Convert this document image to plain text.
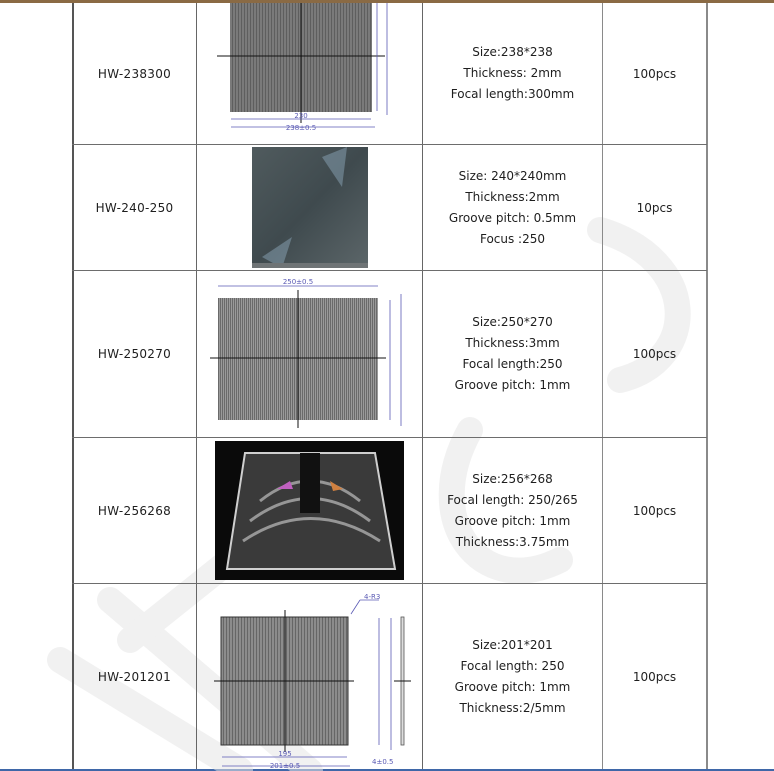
HW-238300
230
238±0.5
Size:238*238
Thickness: 2mm
Focal length:300mm
100pcs
HW-240-250
Size: 240*240mm
Thickness:2mm
Groove pitch: 0.5mm
Focus :250
10pcs
HW-250270
250±0.5
Size:250*270
Thickness:3mm
Focal length:250
Groove pitch: 1mm
100pcs
HW-256268
Size:256*268
Focal length: 250/265
Groove pitch: 1mm
Thickness:3.75mm
100pcs
HW-201201
4-R3
195
201±0.5	4±0.5
Size:201*201
Focal length: 250
Groove pitch: 1mm
Thickness:2/5mm
100pcs
